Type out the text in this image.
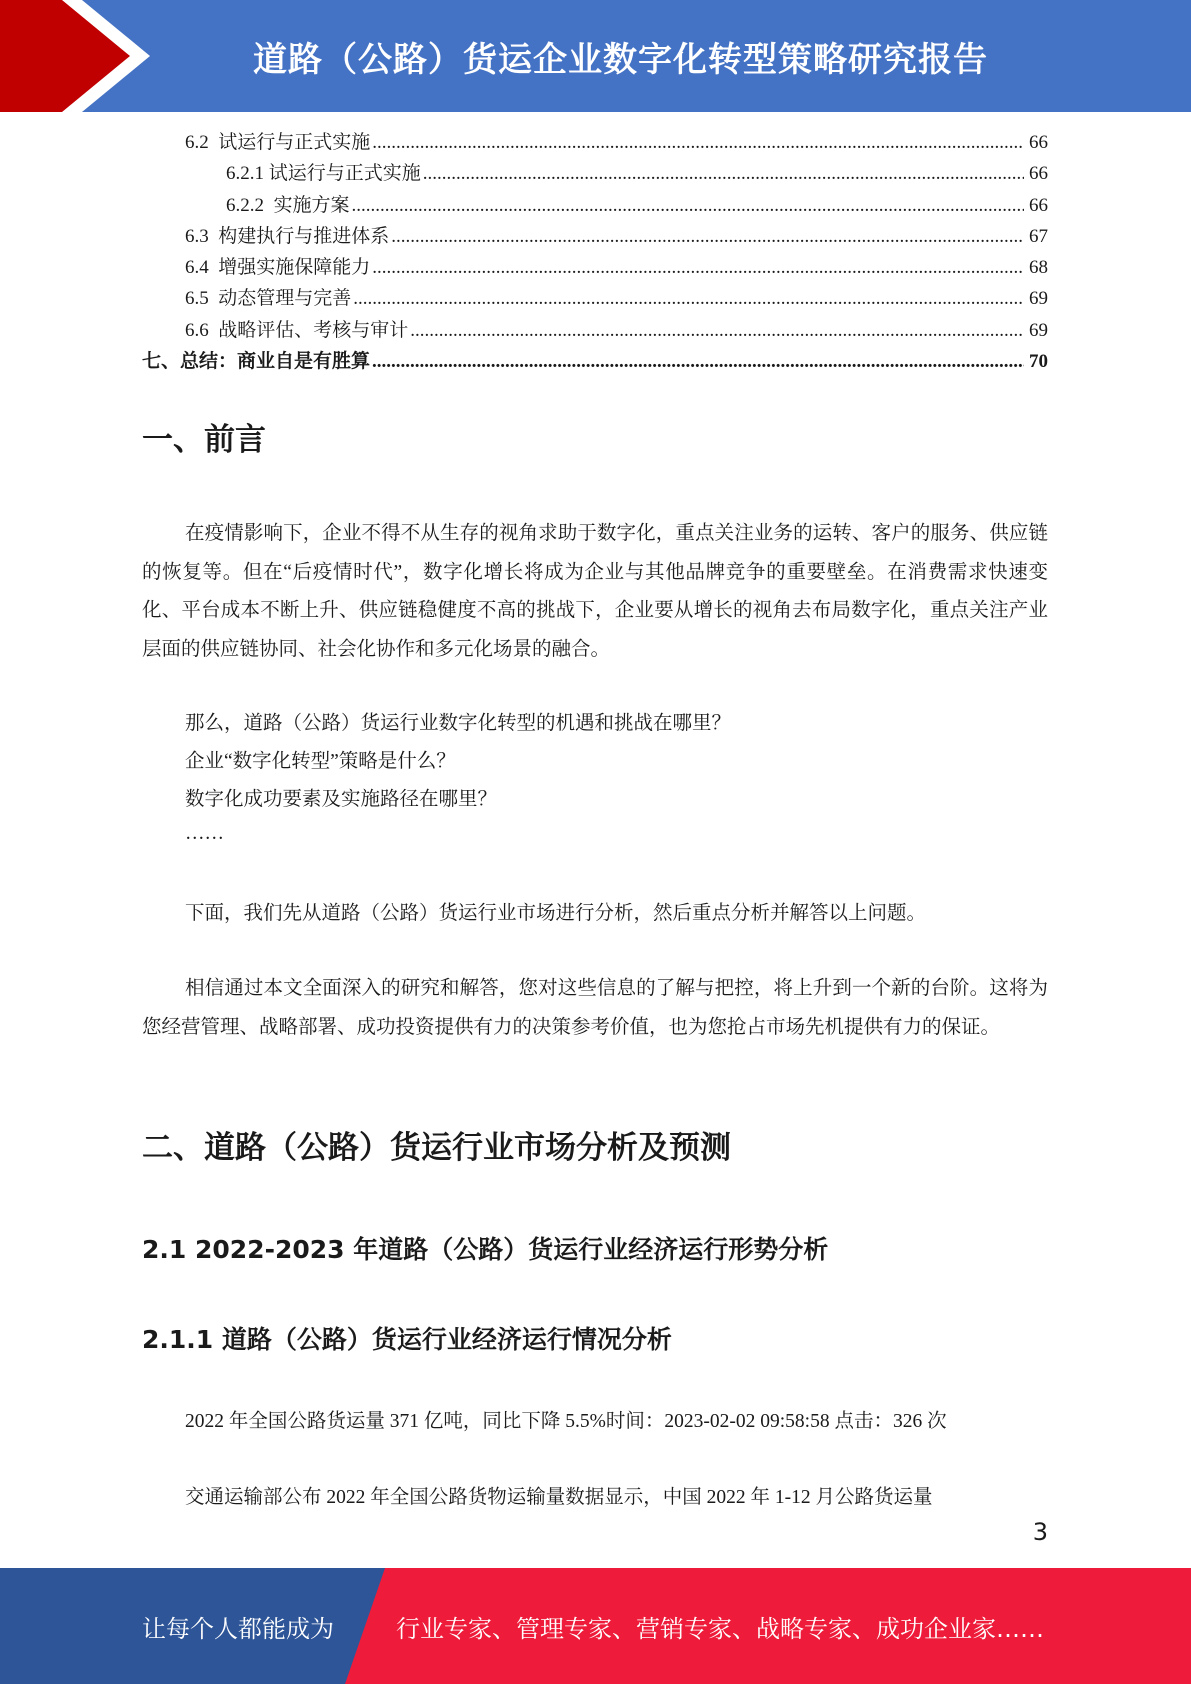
道路（公路）货运企业数字化转型策略研究报告
6.2  试运行与正式实施 .....	66
6.2.1 试运行与正式实施 .....	66
6.2.2  实施方案 .....	66
6.3  构建执行与推进体系 .....	67
6.4  增强实施保障能力 .....	68
6.5  动态管理与完善 .....	69
6.6  战略评估、考核与审计 .....	69
七、总结：商业自是有胜算 .....	70
一、前言

在疫情影响下，企业不得不从生存的视角求助于数字化，重点关注业务的运转、客户的服务、供应链的恢复等。但在“后疫情时代”，数字化增长将成为企业与其他品牌竞争的重要壁垒。在消费需求快速变化、平台成本不断上升、供应链稳健度不高的挑战下，企业要从增长的视角去布局数字化，重点关注产业层面的供应链协同、社会化协作和多元化场景的融合。

那么，道路（公路）货运行业数字化转型的机遇和挑战在哪里？

企业“数字化转型”策略是什么？

数字化成功要素及实施路径在哪里？

……

下面，我们先从道路（公路）货运行业市场进行分析，然后重点分析并解答以上问题。

相信通过本文全面深入的研究和解答，您对这些信息的了解与把控，将上升到一个新的台阶。这将为您经营管理、战略部署、成功投资提供有力的决策参考价值，也为您抢占市场先机提供有力的保证。

二、道路（公路）货运行业市场分析及预测
2.1 2022-2023 年道路（公路）货运行业经济运行形势分析
2.1.1 道路（公路）货运行业经济运行情况分析

2022 年全国公路货运量 371 亿吨，同比下降 5.5%时间：2023-02-02 09:58:58 点击：326 次

交通运输部公布 2022 年全国公路货物运输量数据显示，中国 2022 年 1-12 月公路货运量

3
让每个人都能成为	行业专家、管理专家、营销专家、战略专家、成功企业家……
